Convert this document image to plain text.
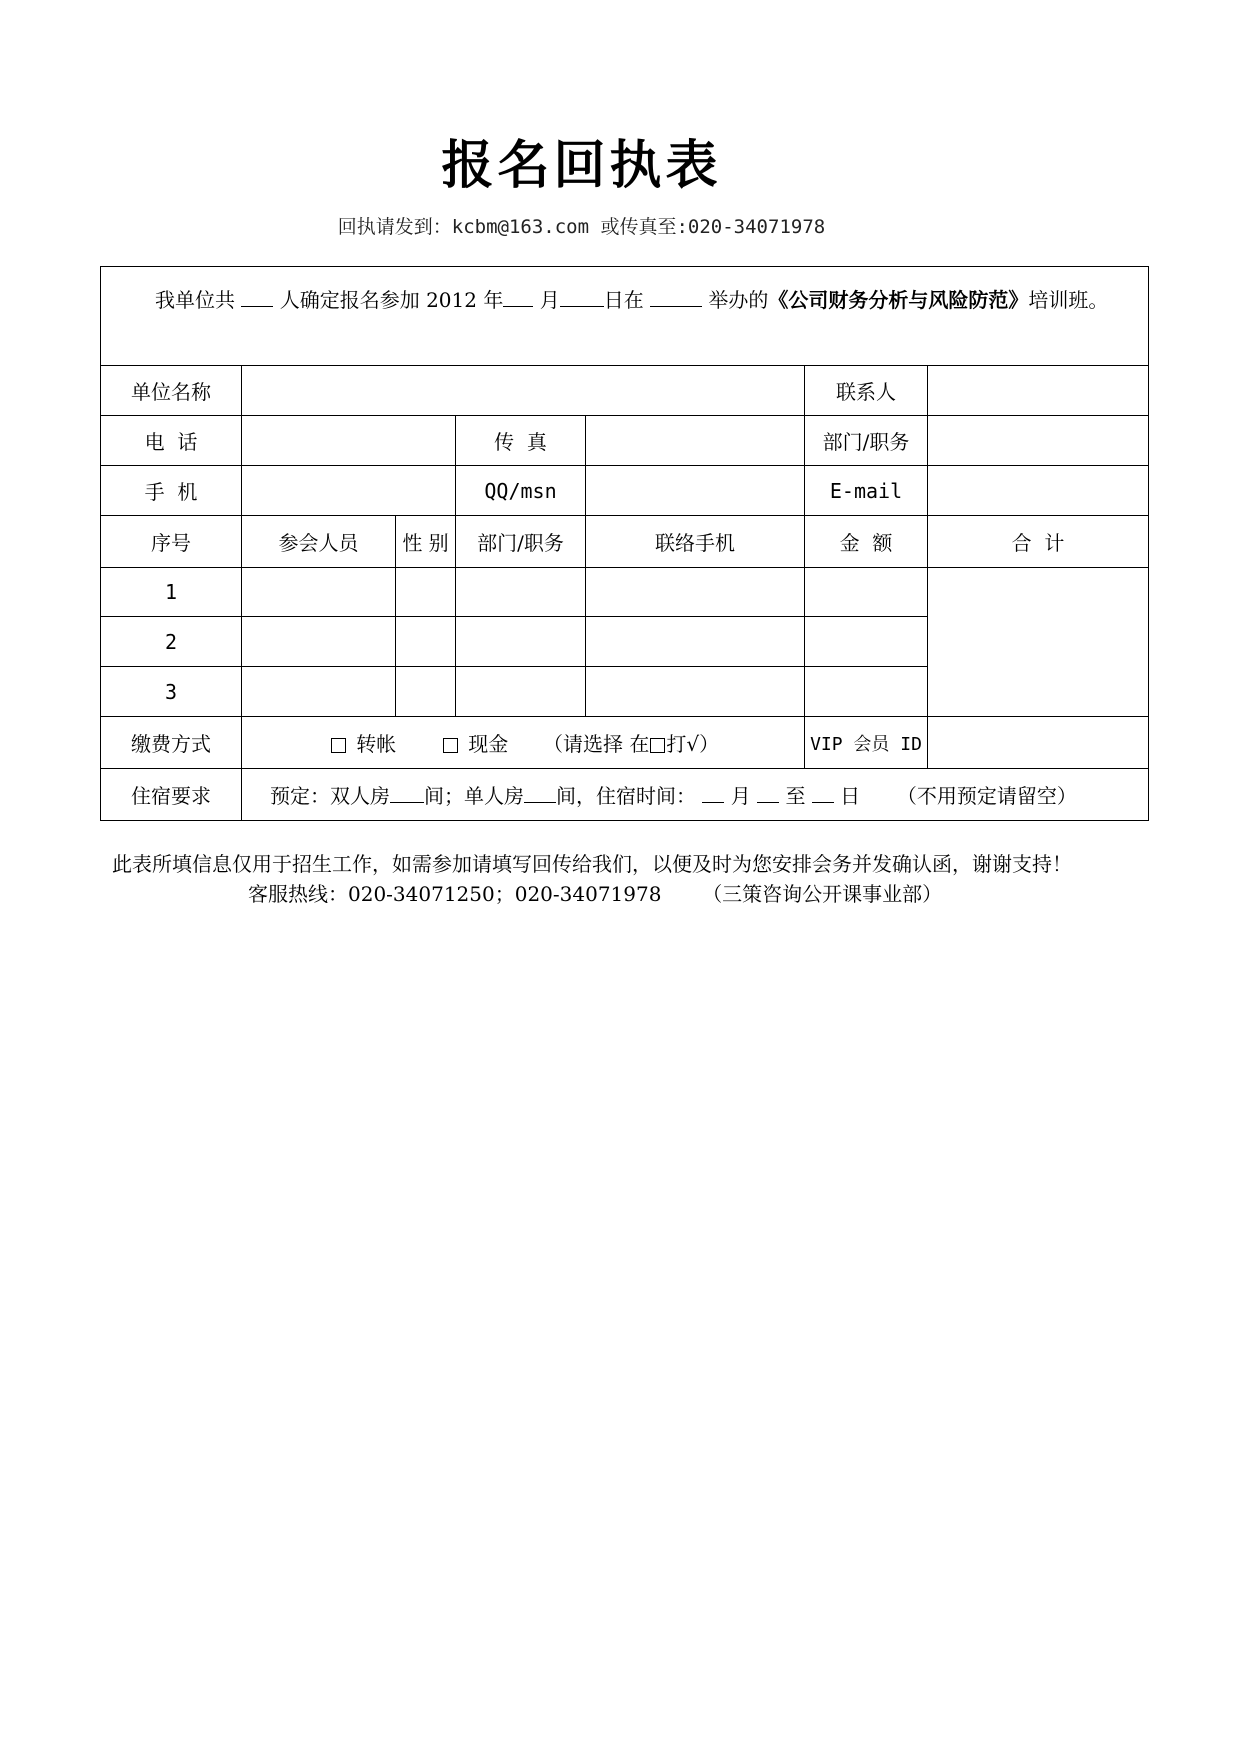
报名回执表
回执请发到：kcbm@163.com 或传真至:020-34071978
我单位共 人确定报名参加 2012 年 月 日在 举办的《公司财务分析与风险防范》培训班。						
单位名称					联系人	
电  话			传  真		部门/职务	
手  机			QQ/msn		E-mail	
序号	参会人员	性 别	部门/职务	联络手机	金  额	合  计
1						
2						
3						
缴费方式	转帐 现金 （请选择 在 打√）				VIP 会员 ID	
住宿要求	预定：双人房 间；单人房 间，住宿时间： 月 至 日 （不用预定请留空）					
此表所填信息仅用于招生工作，如需参加请填写回传给我们，以便及时为您安排会务并发确认函，谢谢支持！
客服热线：020-34071250；020-34071978 （三策咨询公开课事业部）
